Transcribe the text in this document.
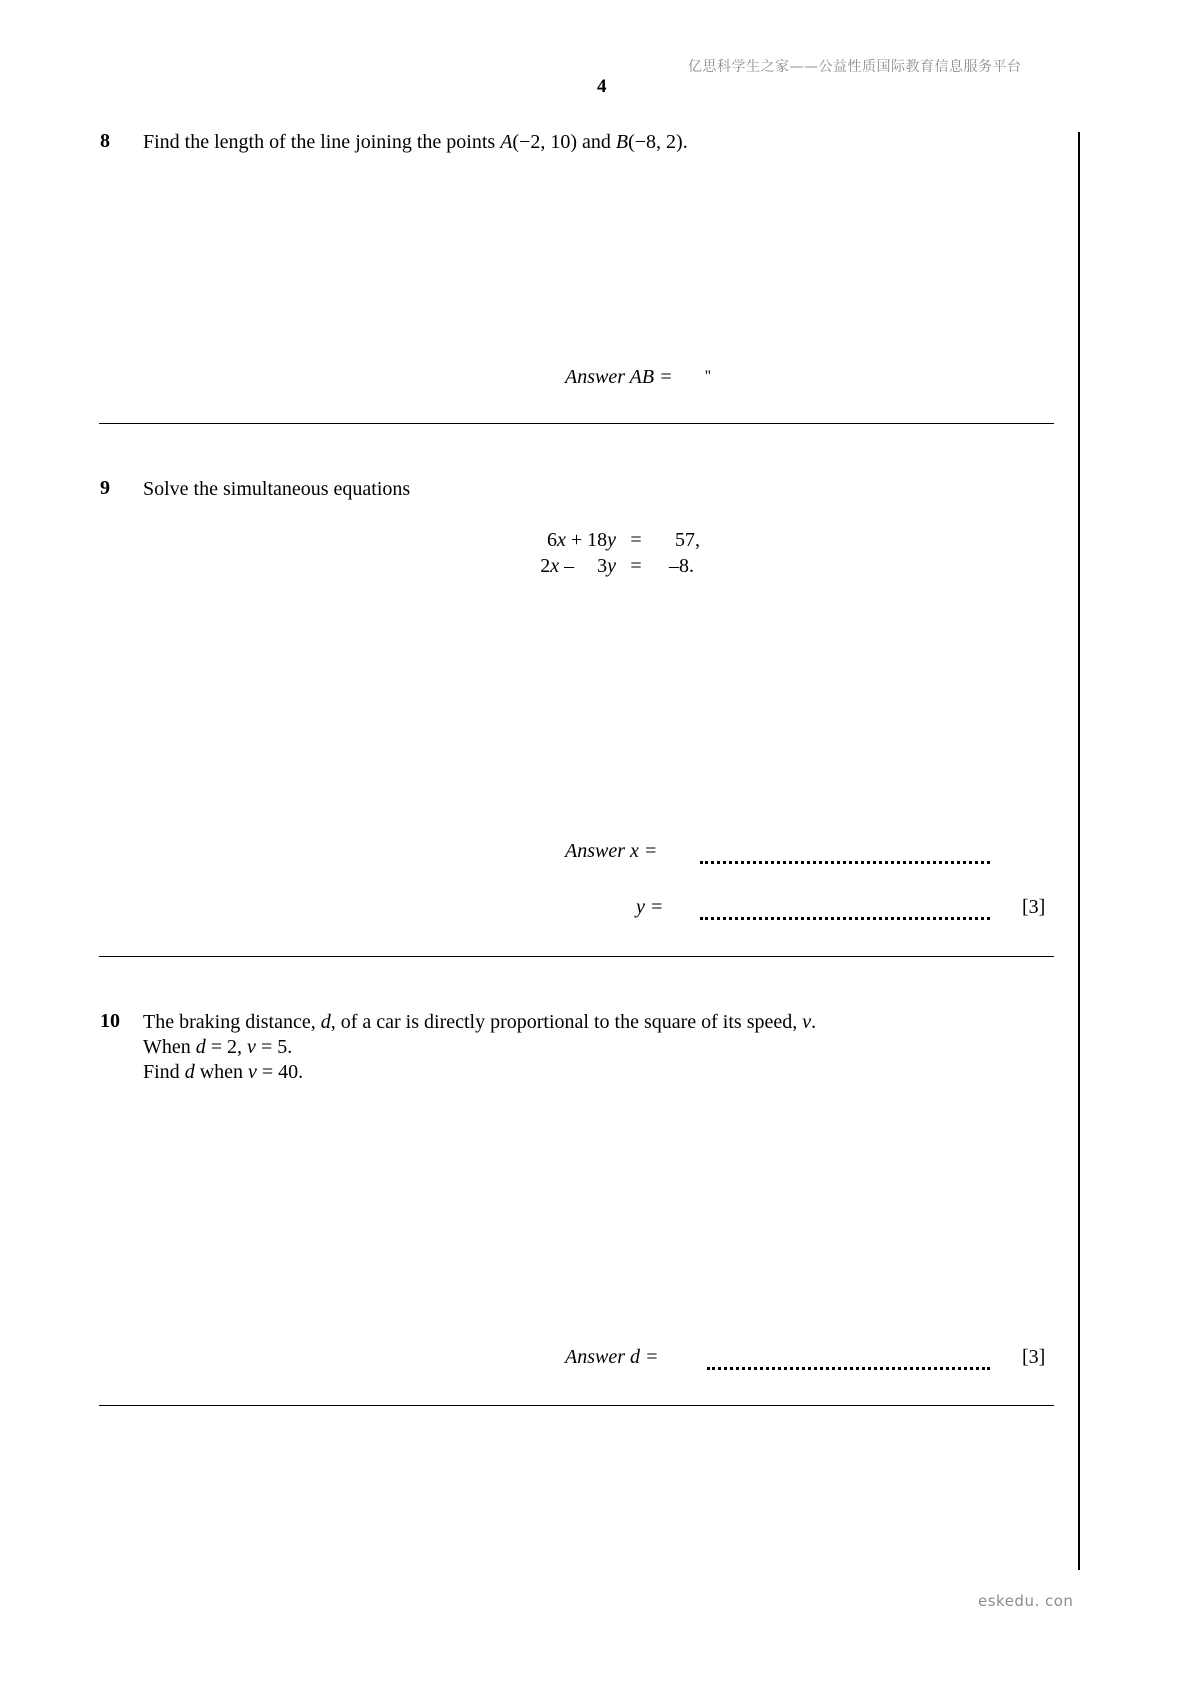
亿思科学生之家——公益性质国际教育信息服务平台
4
8 Find the length of the line joining the points A(−2, 10) and B(−8, 2).
Answer AB = ''
9 Solve the simultaneous equations
6x + 18y = 57,
2x – 3y = –8.
Answer x =
y =	[3]
10 The braking distance, d, of a car is directly proportional to the square of its speed, v.
When d = 2, v = 5.
Find d when v = 40.
Answer d =	[3]
eskedu. con
